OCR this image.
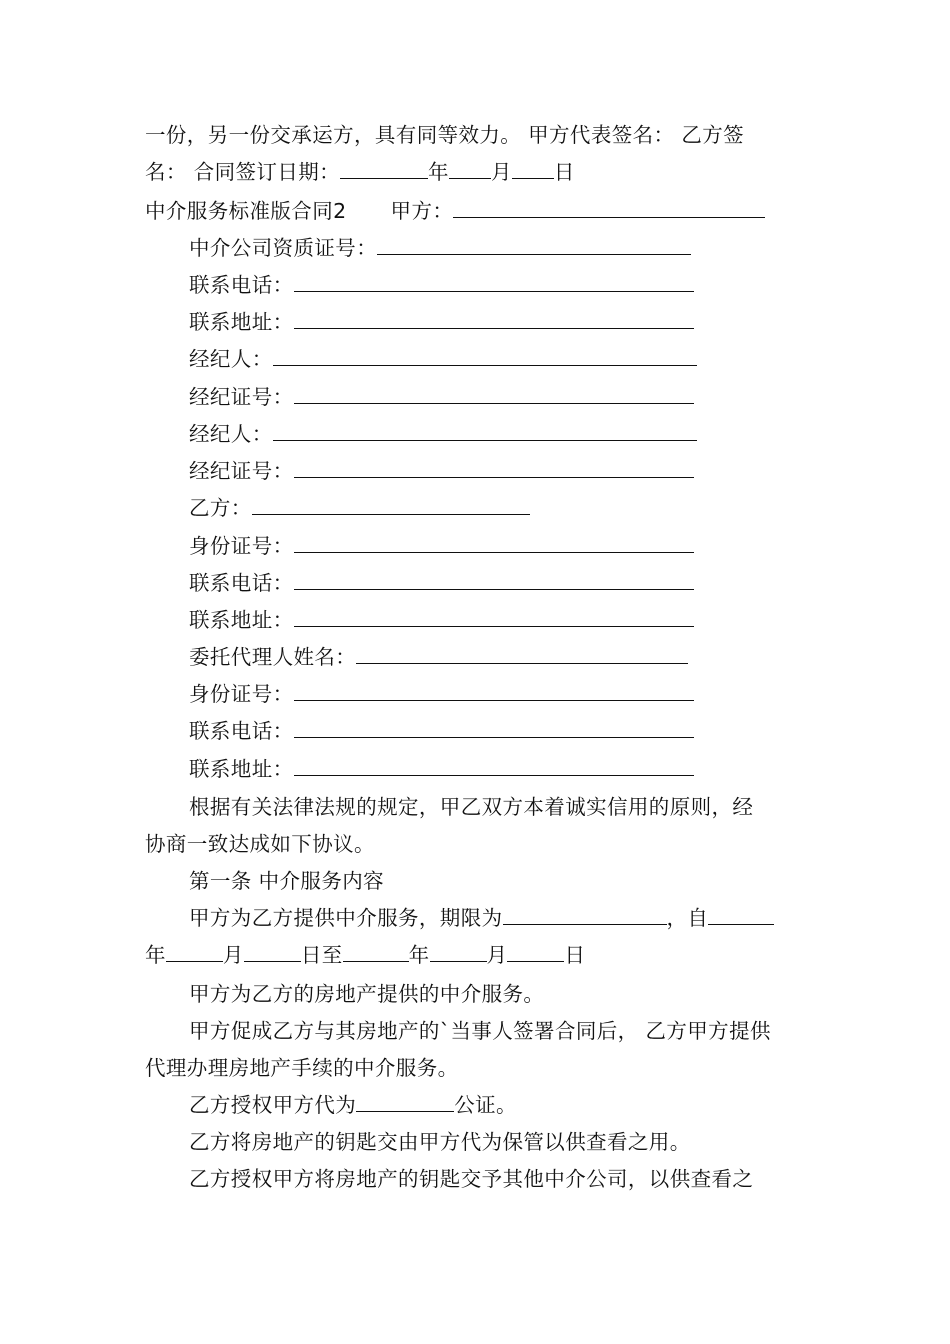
一份，另一份交承运方，具有同等效力。 甲方代表签名： 乙方签
名： 合同签订日期：	年 月 日
中介服务标准版合同2 甲方：
中介公司资质证号：
联系电话：
联系地址：
经纪人：
经纪证号：
经纪人：
经纪证号：
乙方：
身份证号：
联系电话：
联系地址：
委托代理人姓名：
身份证号：
联系电话：
联系地址：
根据有关法律法规的规定，甲乙双方本着诚实信用的原则，经
协商一致达成如下协议。
第一条 中介服务内容
甲方为乙方提供中介服务，期限为	，自
年	月	日至	年	月	日
甲方为乙方的房地产提供的中介服务。
甲方促成乙方与其房地产的`当事人签署合同后， 乙方甲方提供
代理办理房地产手续的中介服务。
乙方授权甲方代为	公证。
乙方将房地产的钥匙交由甲方代为保管以供查看之用。
乙方授权甲方将房地产的钥匙交予其他中介公司，以供查看之
